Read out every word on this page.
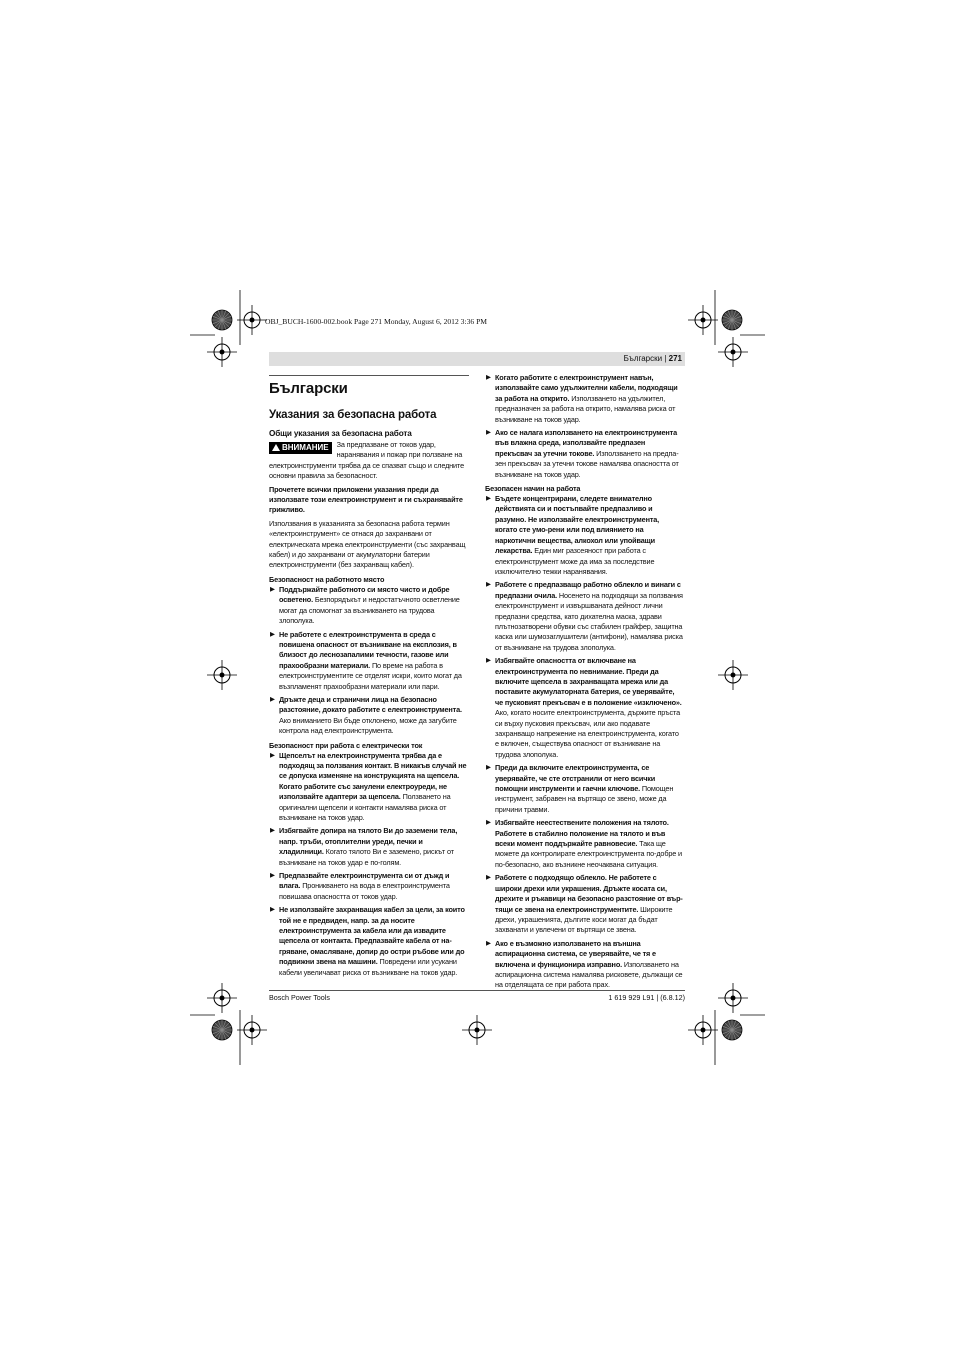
OBJ_BUCH-1600-002.book Page 271 Monday, August 6, 2012 3:36 PM
Български | 271

Български

Указания за безопасна работа

Общи указания за безопасна работа

ВНИМАНИЕ	За предпазване от токов удар, наранявания и пожар при ползване на електроинструменти трябва да се спазват също и следните основни правила за безопасност.

Прочетете всички приложени указания преди да използвате този електроинструмент и ги съхранявайте грижливо.

Използвания в указанията за безопасна работа термин «електроинструмент» се отнася до захранвани от електрическата мрежа електроинструменти (със захранващ кабел) и до захранвани от акумулаторни батерии електроинструменти (без захранващ кабел).

Безопасност на работното място

▶ Поддържайте работното си място чисто и добре осветено. Безпорядъкът и недостатъчното осветление могат да спомогнат за възникването на трудова злополука.
▶ Не работете с електроинструмента в среда с повишена опасност от възникване на експлозия, в близост до леснозапалими течности, газове или прахообразни материали. По време на работа в електроинструментите се отделят искри, които могат да възпламенят прахообразни материали или пари.
▶ Дръжте деца и странични лица на безопасно разстояние, докато работите с електроинструмента. Ако вниманието Ви бъде отклонено, може да загубите контрола над електроинструмента.

Безопасност при работа с електрически ток

▶ Щепселът на електроинструмента трябва да е подходящ за ползвания контакт. В никакъв случай не се допуска изменяне на конструкцията на щепсела. Когато работите със занулени електроуреди, не използвайте адаптери за щепсела. Ползването на оригинални щепсели и контакти намалява риска от възникване на токов удар.
▶ Избягвайте допира на тялото Ви до заземени тела, напр. тръби, отоплителни уреди, печки и хладилници. Когато тялото Ви е заземено, рискът от възникване на токов удар е по-голям.
▶ Предпазвайте електроинструмента си от дъжд и влага. Проникването на вода в електроинструмента повишава опасността от токов удар.
▶ Не използвайте захранващия кабел за цели, за които той не е предвиден, напр. за да носите електроинструмента за кабела или да извадите щепсела от контакта. Предпазвайте кабела от на-гряване, омасляване, допир до остри ръбове или до подвижни звена на машини. Повредени или усукани кабели увеличават риска от възникване на токов удар.
▶ Когато работите с електроинструмент навън, използвайте само удължителни кабели, подходящи за работа на открито. Използването на удължител, предназначен за работа на открито, намалява риска от възникване на токов удар.
▶ Ако се налага използването на електроинструмента във влажна среда, използвайте предпазен прекъсвач за утечни токове. Използването на предпа-зен прекъсвач за утечни токове намалява опасността от възникване на токов удар.

Безопасен начин на работа

▶ Бъдете концентрирани, следете внимателно действията си и постъпвайте предпазливо и разумно. Не използвайте електроинструмента, когато сте умо-рени или под влиянието на наркотични вещества, алкохол или упойващи лекарства. Един миг разсеяност при работа с електроинструмент може да има за последствие изключително тежки наранявания.
▶ Работете с предпазващо работно облекло и винаги с предпазни очила. Носенето на подходящи за ползвания електроинструмент и извършваната дейност лични предпазни средства, като дихателна маска, здрави плътнозатворени обувки със стабилен грайфер, защитна каска или шумозаглушители (антифони), намалява риска от възникване на трудова злополука.
▶ Избягвайте опасността от включване на електроинструмента по невнимание. Преди да включите щепсела в захранващата мрежа или да поставите акумулаторната батерия, се уверявайте, че пусковият прекъсвач е в положение «изключено». Ако, когато носите електроинструмента, държите пръста си върху пусковия прекъсвач, или ако подавате захранващо напрежение на електроинструмента, когато е включен, съществува опасност от възникване на трудова злополука.
▶ Преди да включите електроинструмента, се уверявайте, че сте отстранили от него всички помощни инструменти и гаечни ключове. Помощен инструмент, забравен на въртящо се звено, може да причини травми.
▶ Избягвайте неестествените положения на тялото. Работете в стабилно положение на тялото и във всеки момент поддържайте равновесие. Така ще можете да контролирате електроинструмента по-добре и по-безопасно, ако възникне неочаквана ситуация.
▶ Работете с подходящо облекло. Не работете с широки дрехи или украшения. Дръжте косата си, дрехите и ръкавици на безопасно разстояние от вър-тящи се звена на електроинструментите. Широките дрехи, украшенията, дългите коси могат да бъдат захванати и увлечени от въртящи се звена.
▶ Ако е възможно използването на външна аспирационна система, се уверявайте, че тя е включена и функционира изправно. Използването на аспирационна система намалява рисковете, дължащи се на отделящата се при работа прах.
Bosch Power Tools	1 619 929 L91 | (6.8.12)
